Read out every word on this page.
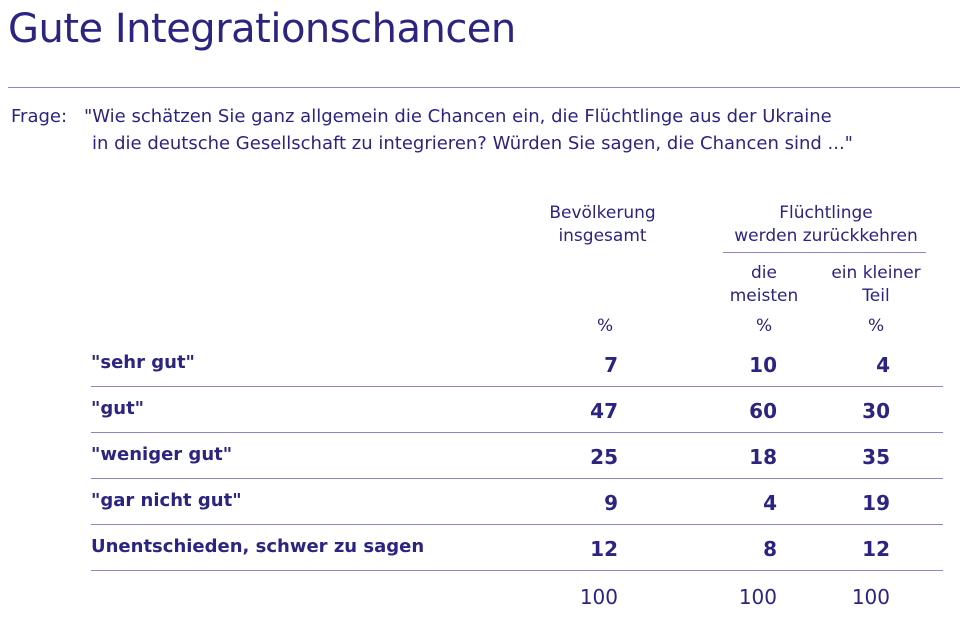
Gute Integrationschancen
Frage: "Wie schätzen Sie ganz allgemein die Chancen ein, die Flüchtlinge aus der Ukraine
in die deutsche Gesellschaft zu integrieren? Würden Sie sagen, die Chancen sind ..."
Bevölkerung
insgesamt
Flüchtlinge
werden zurückkehren
die
meisten
ein kleiner
Teil
%	%	%
"sehr gut"	7	10	4
"gut"	47	60	30
"weniger gut"	25	18	35
"gar nicht gut"	9	4	19
Unentschieden, schwer zu sagen	12	8	12
100	100	100
